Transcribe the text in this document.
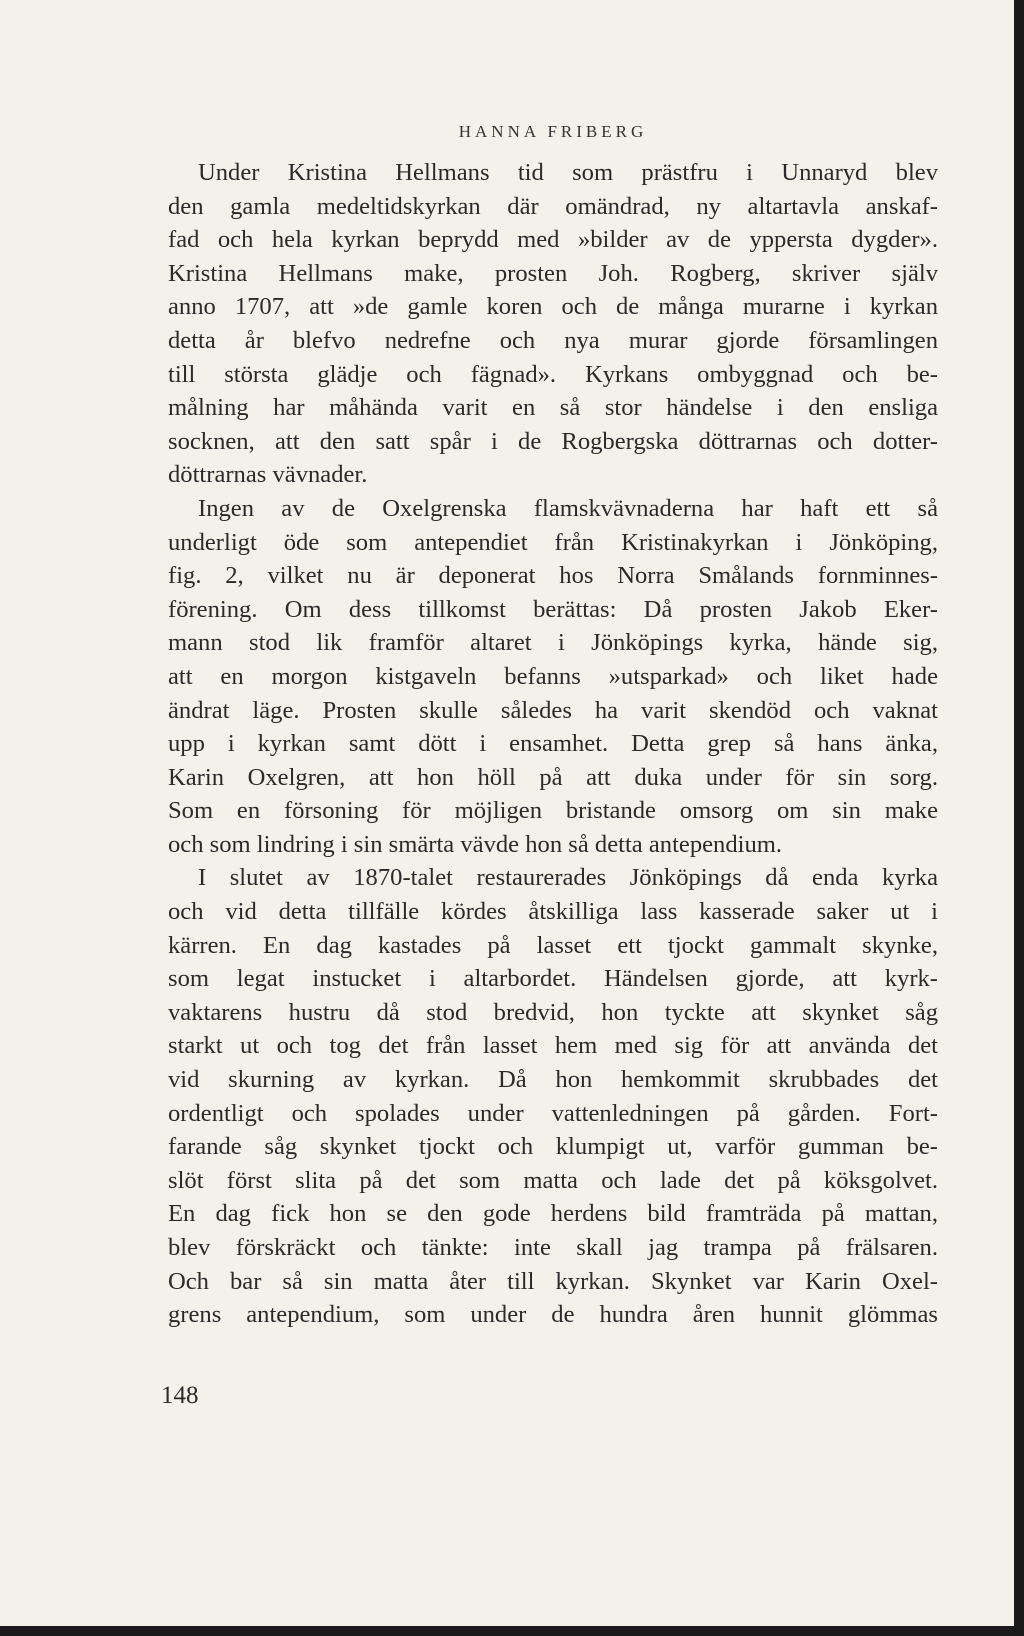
HANNA FRIBERG
Under Kristina Hellmans tid som prästfru i Unnaryd blev
den gamla medeltidskyrkan där omändrad, ny altartavla anskaf-
fad och hela kyrkan beprydd med »bilder av de yppersta dygder».
Kristina Hellmans make, prosten Joh. Rogberg, skriver själv
anno 1707, att »de gamle koren och de många murarne i kyrkan
detta år blefvo nedrefne och nya murar gjorde församlingen
till största glädje och fägnad». Kyrkans ombyggnad och be-
målning har måhända varit en så stor händelse i den ensliga
socknen, att den satt spår i de Rogbergska döttrarnas och dotter-
döttrarnas vävnader.
Ingen av de Oxelgrenska flamskvävnaderna har haft ett så
underligt öde som antependiet från Kristinakyrkan i Jönköping,
fig. 2, vilket nu är deponerat hos Norra Smålands fornminnes-
förening. Om dess tillkomst berättas: Då prosten Jakob Eker-
mann stod lik framför altaret i Jönköpings kyrka, hände sig,
att en morgon kistgaveln befanns »utsparkad» och liket hade
ändrat läge. Prosten skulle således ha varit skendöd och vaknat
upp i kyrkan samt dött i ensamhet. Detta grep så hans änka,
Karin Oxelgren, att hon höll på att duka under för sin sorg.
Som en försoning för möjligen bristande omsorg om sin make
och som lindring i sin smärta vävde hon så detta antependium.
I slutet av 1870-talet restaurerades Jönköpings då enda kyrka
och vid detta tillfälle kördes åtskilliga lass kasserade saker ut i
kärren. En dag kastades på lasset ett tjockt gammalt skynke,
som legat instucket i altarbordet. Händelsen gjorde, att kyrk-
vaktarens hustru då stod bredvid, hon tyckte att skynket såg
starkt ut och tog det från lasset hem med sig för att använda det
vid skurning av kyrkan. Då hon hemkommit skrubbades det
ordentligt och spolades under vattenledningen på gården. Fort-
farande såg skynket tjockt och klumpigt ut, varför gumman be-
slöt först slita på det som matta och lade det på köksgolvet.
En dag fick hon se den gode herdens bild framträda på mattan,
blev förskräckt och tänkte: inte skall jag trampa på frälsaren.
Och bar så sin matta åter till kyrkan. Skynket var Karin Oxel-
grens antependium, som under de hundra åren hunnit glömmas
148
